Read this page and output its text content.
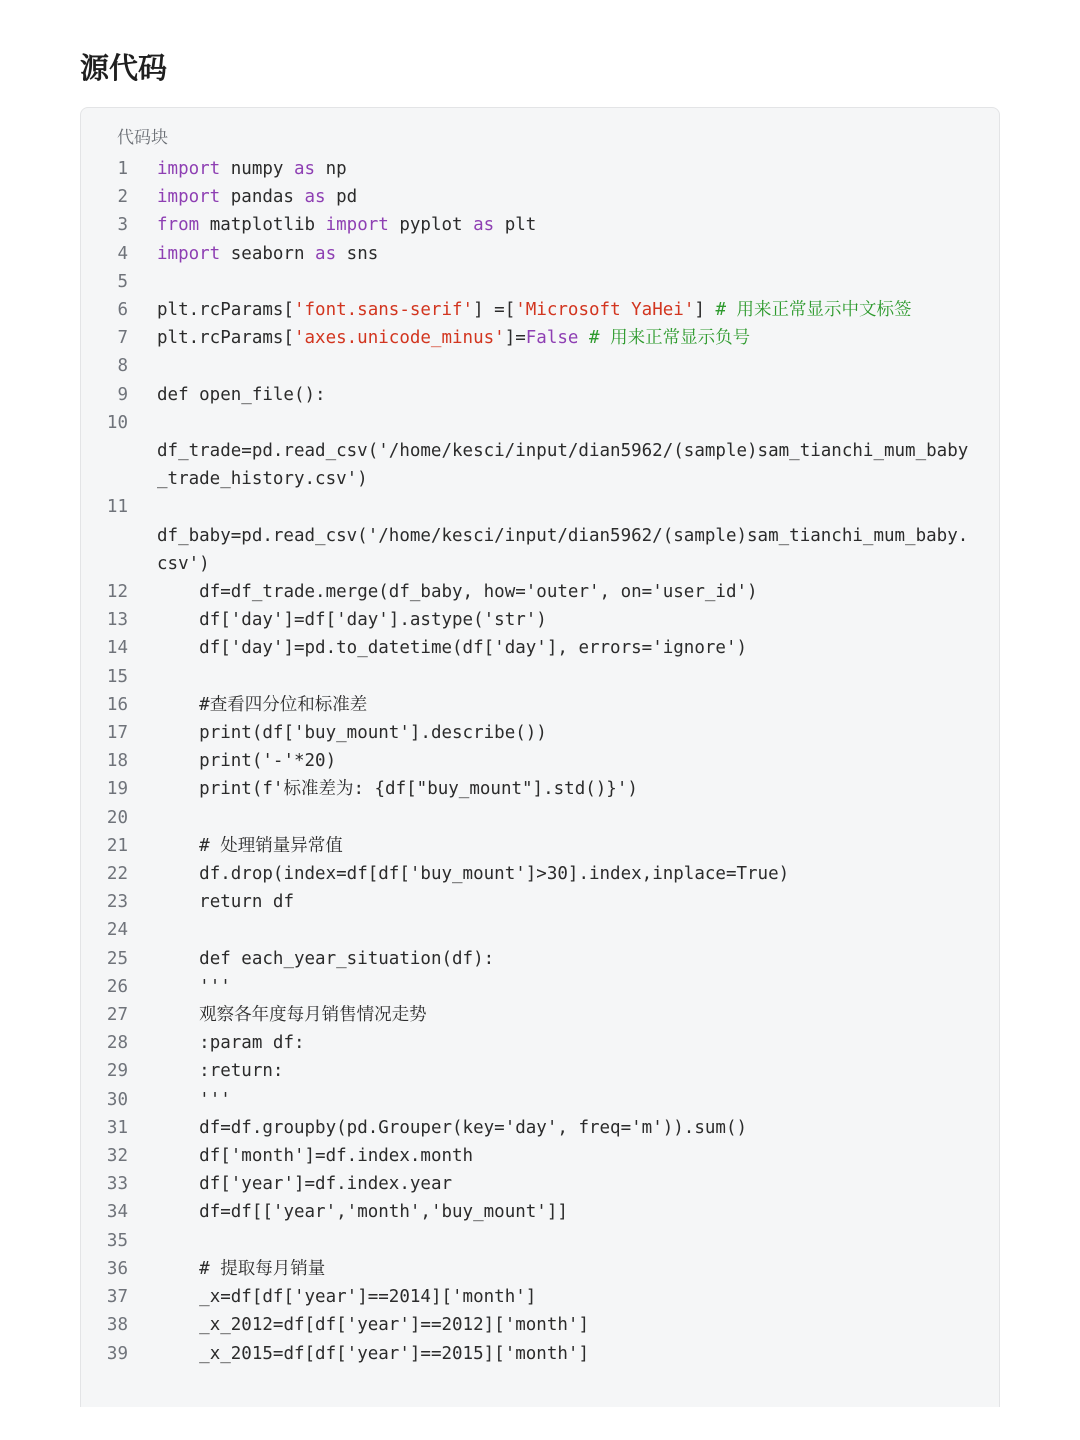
源代码
代码块
1	import numpy as np
2	import pandas as pd
3	from matplotlib import pyplot as plt
4	import seaborn as sns
5
6	plt.rcParams['font.sans-serif'] =['Microsoft YaHei'] # 用来正常显示中文标签
7	plt.rcParams['axes.unicode_minus']=False # 用来正常显示负号
8
9	def open_file():
10
df_trade=pd.read_csv('/home/kesci/input/dian5962/(sample)sam_tianchi_mum_baby_trade_history.csv')
11
df_baby=pd.read_csv('/home/kesci/input/dian5962/(sample)sam_tianchi_mum_baby.csv')
12	df=df_trade.merge(df_baby, how='outer', on='user_id')
13	df['day']=df['day'].astype('str')
14	df['day']=pd.to_datetime(df['day'], errors='ignore')
15
16	#查看四分位和标准差
17	print(df['buy_mount'].describe())
18	print('-'*20)
19	print(f'标准差为: {df["buy_mount"].std()}')
20
21	# 处理销量异常值
22	df.drop(index=df[df['buy_mount']>30].index,inplace=True)
23	return df
24
25	def each_year_situation(df):
26	'''
27	观察各年度每月销售情况走势
28	:param df:
29	:return:
30	'''
31	df=df.groupby(pd.Grouper(key='day', freq='m')).sum()
32	df['month']=df.index.month
33	df['year']=df.index.year
34	df=df[['year','month','buy_mount']]
35
36	# 提取每月销量
37	_x=df[df['year']==2014]['month']
38	_x_2012=df[df['year']==2012]['month']
39	_x_2015=df[df['year']==2015]['month']
